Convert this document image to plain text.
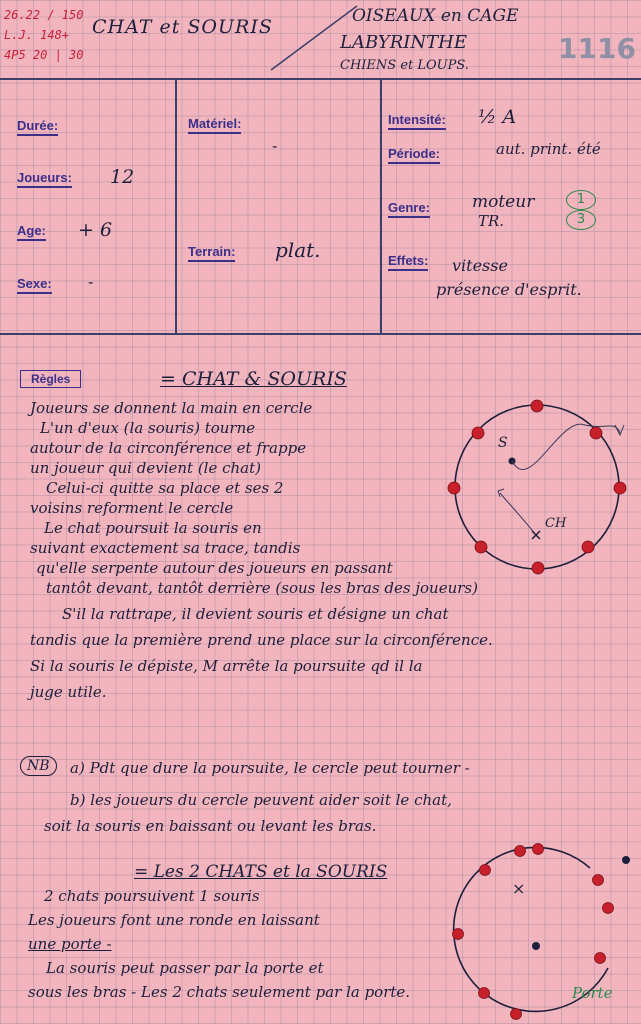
26.22 / 150
L.J. 148+
4P5 20 | 30
CHAT et SOURIS	OISEAUX en CAGE
LABYRINTHE
CHIENS et LOUPS.
1116
Durée:
Joueurs: 12
Age: + 6
Sexe: -
Matériel:
-
Terrain: plat.
Intensité: ½ A
Période:	aut. print. été
Genre: moteur
TR.
1
3
Effets: vitesse
présence d'esprit.
Règles	= CHAT & SOURIS
Joueurs se donnent la main en cercle
L'un d'eux (la souris) tourne
autour de la circonférence et frappe
un joueur qui devient (le chat)
Celui-ci quitte sa place et ses 2
voisins reforment le cercle
Le chat poursuit la souris en
suivant exactement sa trace, tandis
qu'elle serpente autour des joueurs en passant
tantôt devant, tantôt derrière (sous les bras des joueurs)
S'il la rattrape, il devient souris et désigne un chat
tandis que la première prend une place sur la circonférence.
Si la souris le dépiste, M arrête la poursuite qd il la
juge utile.
NB	a) Pdt que dure la poursuite, le cercle peut tourner -
b) les joueurs du cercle peuvent aider soit le chat,
soit la souris en baissant ou levant les bras.
= Les 2 CHATS et la SOURIS
2 chats poursuivent 1 souris
Les joueurs font une ronde en laissant
une porte -
La souris peut passer par la porte et
sous les bras - Les 2 chats seulement par la porte.
S
CH
×
Porte
